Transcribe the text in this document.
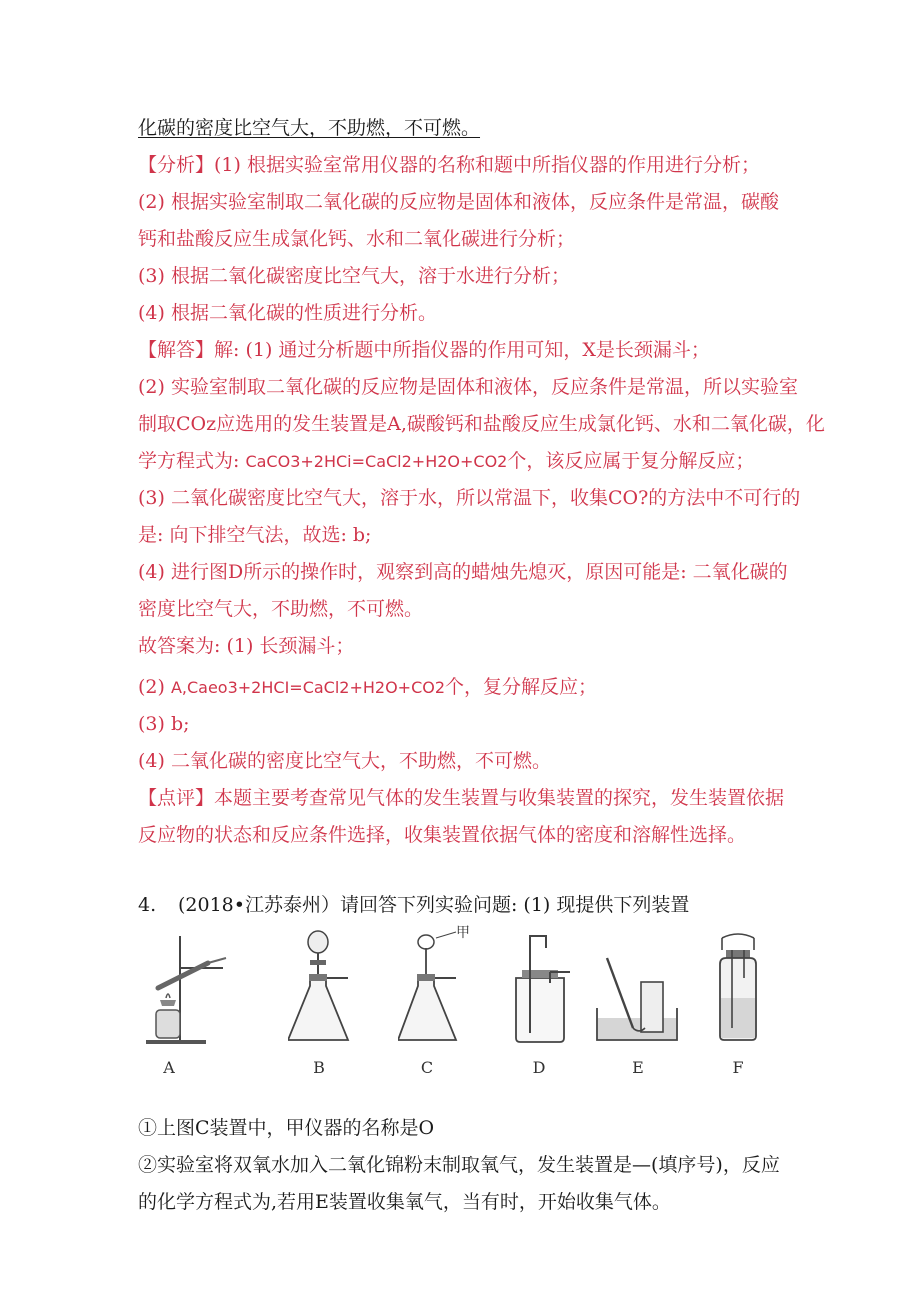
化碳的密度比空气大，不助燃，不可燃。
【分析】(1) 根据实验室常用仪器的名称和题中所指仪器的作用进行分析；
(2) 根据实验室制取二氧化碳的反应物是固体和液体，反应条件是常温，碳酸
钙和盐酸反应生成氯化钙、水和二氧化碳进行分析；
(3) 根据二氧化碳密度比空气大，溶于水进行分析；
(4) 根据二氧化碳的性质进行分析。
【解答】解: (1) 通过分析题中所指仪器的作用可知，X是长颈漏斗；
(2) 实验室制取二氧化碳的反应物是固体和液体，反应条件是常温，所以实验室
制取COz应选用的发生装置是A,碳酸钙和盐酸反应生成氯化钙、水和二氧化碳，化
学方程式为: CaCO3+2HCi=CaCl2+H2O+CO2个，该反应属于复分解反应；
(3) 二氧化碳密度比空气大，溶于水，所以常温下，收集CO?的方法中不可行的
是: 向下排空气法，故选: b;
(4) 进行图D所示的操作时，观察到高的蜡烛先熄灭，原因可能是: 二氧化碳的
密度比空气大，不助燃，不可燃。
故答案为: (1) 长颈漏斗；
(2) A,Caeo3+2HCI=CaCl2+H2O+CO2个，复分解反应；
(3) b;
(4) 二氧化碳的密度比空气大，不助燃，不可燃。
【点评】本题主要考查常见气体的发生装置与收集装置的探究，发生装置依据
反应物的状态和反应条件选择，收集装置依据气体的密度和溶解性选择。
4. (2018•江苏泰州）请回答下列实验问题: (1) 现提供下列装置
A	B	C
甲
D	E	F
①上图C装置中，甲仪器的名称是O
②实验室将双氧水加入二氧化锦粉末制取氧气，发生装置是—(填序号)，反应
的化学方程式为,若用E装置收集氧气，当有时，开始收集气体。
